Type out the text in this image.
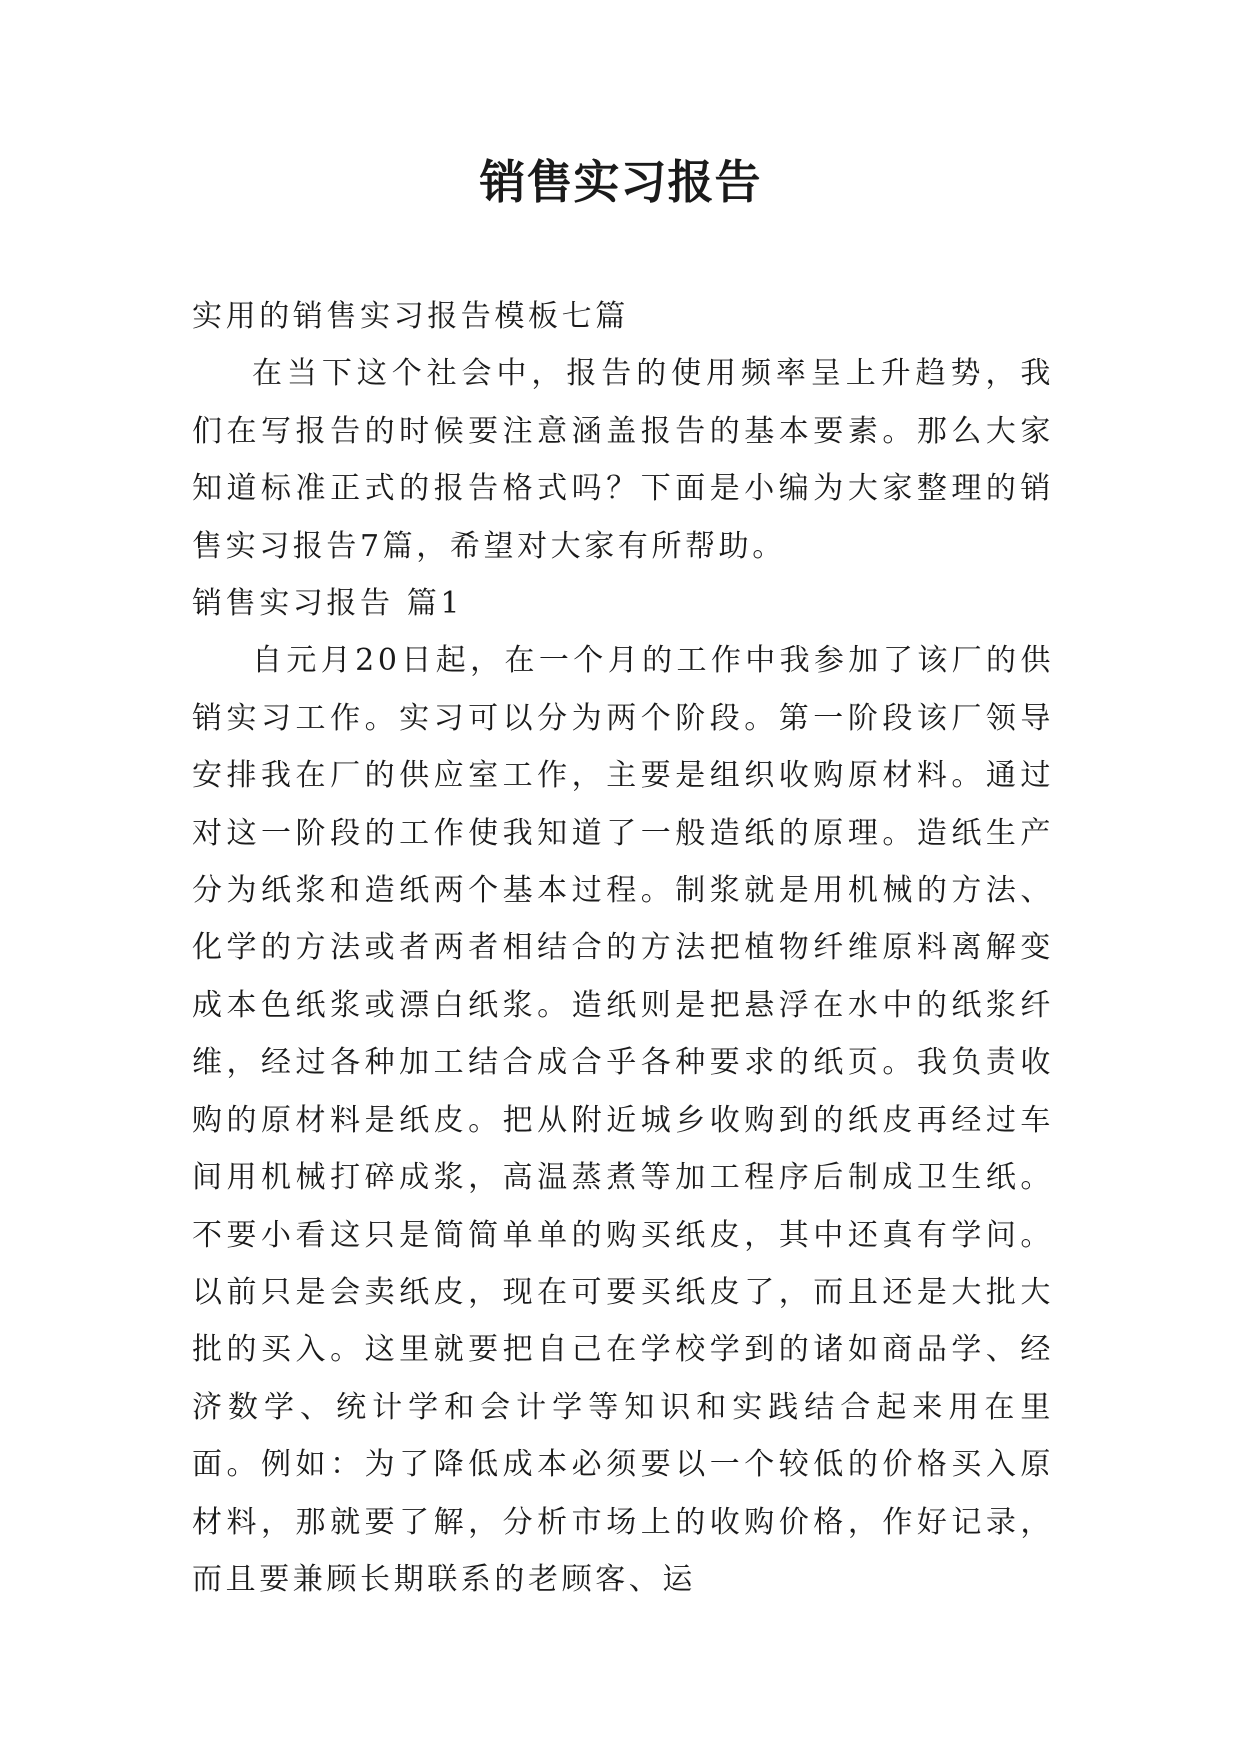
销售实习报告

实用的销售实习报告模板七篇

在当下这个社会中，报告的使用频率呈上升趋势，我们在写报告的时候要注意涵盖报告的基本要素。那么大家知道标准正式的报告格式吗？下面是小编为大家整理的销售实习报告7篇，希望对大家有所帮助。

销售实习报告 篇1

自元月20日起，在一个月的工作中我参加了该厂的供销实习工作。实习可以分为两个阶段。第一阶段该厂领导安排我在厂的供应室工作，主要是组织收购原材料。通过对这一阶段的工作使我知道了一般造纸的原理。造纸生产分为纸浆和造纸两个基本过程。制浆就是用机械的方法、化学的方法或者两者相结合的方法把植物纤维原料离解变成本色纸浆或漂白纸浆。造纸则是把悬浮在水中的纸浆纤维，经过各种加工结合成合乎各种要求的纸页。我负责收购的原材料是纸皮。把从附近城乡收购到的纸皮再经过车间用机械打碎成浆，高温蒸煮等加工程序后制成卫生纸。不要小看这只是简简单单的购买纸皮，其中还真有学问。以前只是会卖纸皮，现在可要买纸皮了，而且还是大批大批的买入。这里就要把自己在学校学到的诸如商品学、经济数学、统计学和会计学等知识和实践结合起来用在里面。例如：为了降低成本必须要以一个较低的价格买入原材料，那就要了解，分析市场上的收购价格，作好记录，而且要兼顾长期联系的老顾客、运
